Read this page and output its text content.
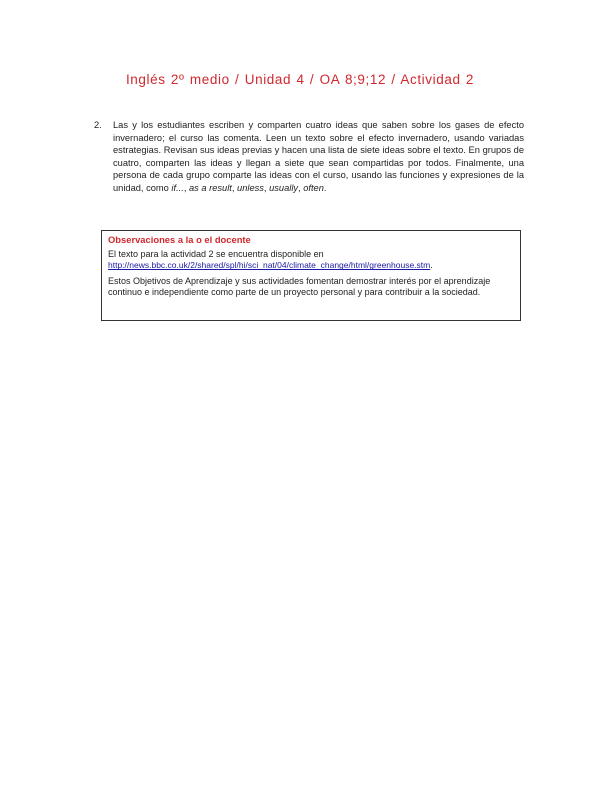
Inglés 2º medio / Unidad 4 / OA 8;9;12 / Actividad 2
2. Las y los estudiantes escriben y comparten cuatro ideas que saben sobre los gases de efecto invernadero; el curso las comenta. Leen un texto sobre el efecto invernadero, usando variadas estrategias. Revisan sus ideas previas y hacen una lista de siete ideas sobre el texto. En grupos de cuatro, comparten las ideas y llegan a siete que sean compartidas por todos. Finalmente, una persona de cada grupo comparte las ideas con el curso, usando las funciones y expresiones de la unidad, como if..., as a result, unless, usually, often.
Observaciones a la o el docente

El texto para la actividad 2 se encuentra disponible en
http://news.bbc.co.uk/2/shared/spl/hi/sci_nat/04/climate_change/html/greenhouse.stm.

Estos Objetivos de Aprendizaje y sus actividades fomentan demostrar interés por el aprendizaje continuo e independiente como parte de un proyecto personal y para contribuir a la sociedad.
